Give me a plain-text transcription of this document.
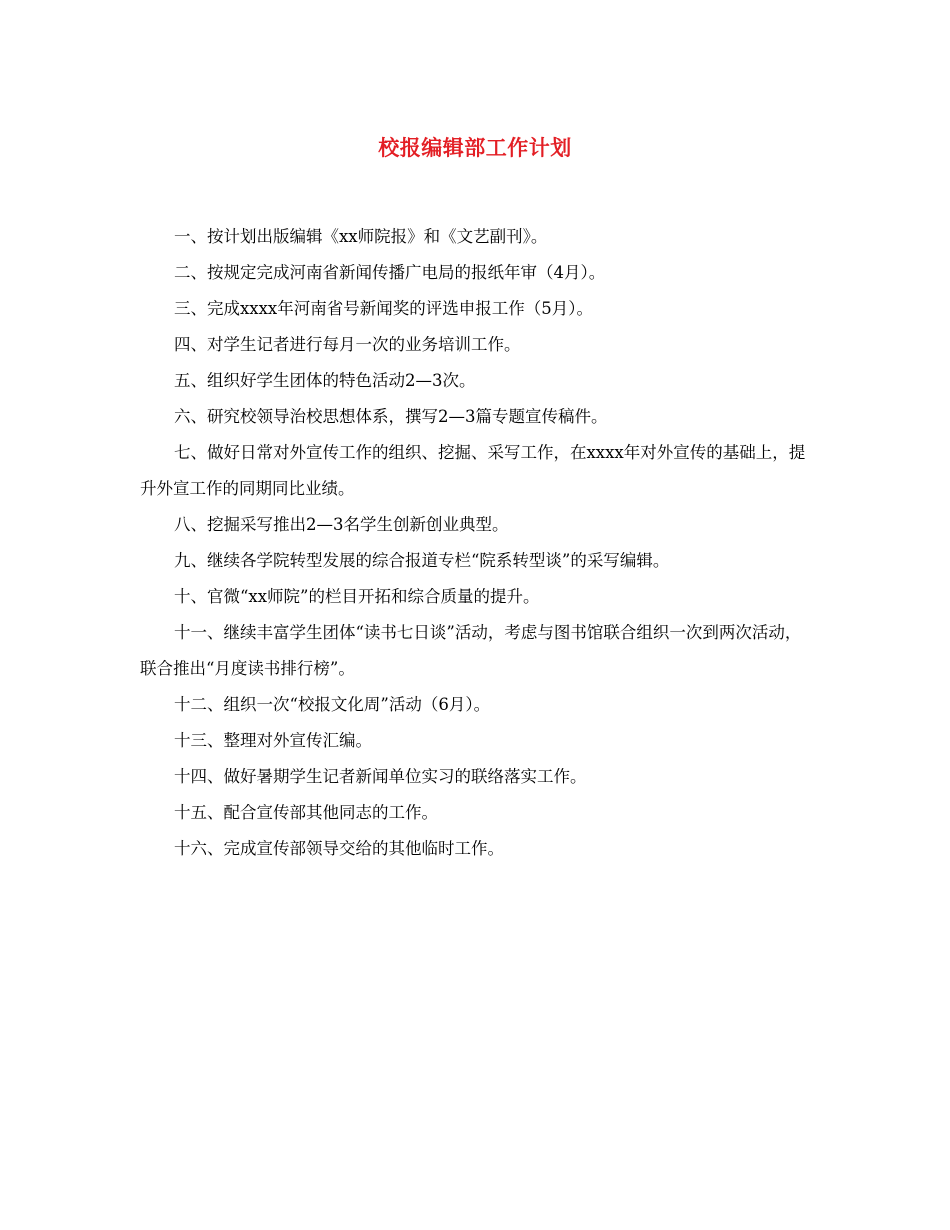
校报编辑部工作计划

一、按计划出版编辑《xx师院报》和《文艺副刊》。

二、按规定完成河南省新闻传播广电局的报纸年审（4月）。

三、完成xxxx年河南省号新闻奖的评选申报工作（5月）。

四、对学生记者进行每月一次的业务培训工作。

五、组织好学生团体的特色活动2—3次。

六、研究校领导治校思想体系，撰写2—3篇专题宣传稿件。

七、做好日常对外宣传工作的组织、挖掘、采写工作，在xxxx年对外宣传的基础上，提升外宣工作的同期同比业绩。

八、挖掘采写推出2—3名学生创新创业典型。

九、继续各学院转型发展的综合报道专栏“院系转型谈”的采写编辑。

十、官微“xx师院”的栏目开拓和综合质量的提升。

十一、继续丰富学生团体“读书七日谈”活动，考虑与图书馆联合组织一次到两次活动，联合推出“月度读书排行榜”。

十二、组织一次“校报文化周”活动（6月）。

十三、整理对外宣传汇编。

十四、做好暑期学生记者新闻单位实习的联络落实工作。

十五、配合宣传部其他同志的工作。

十六、完成宣传部领导交给的其他临时工作。
